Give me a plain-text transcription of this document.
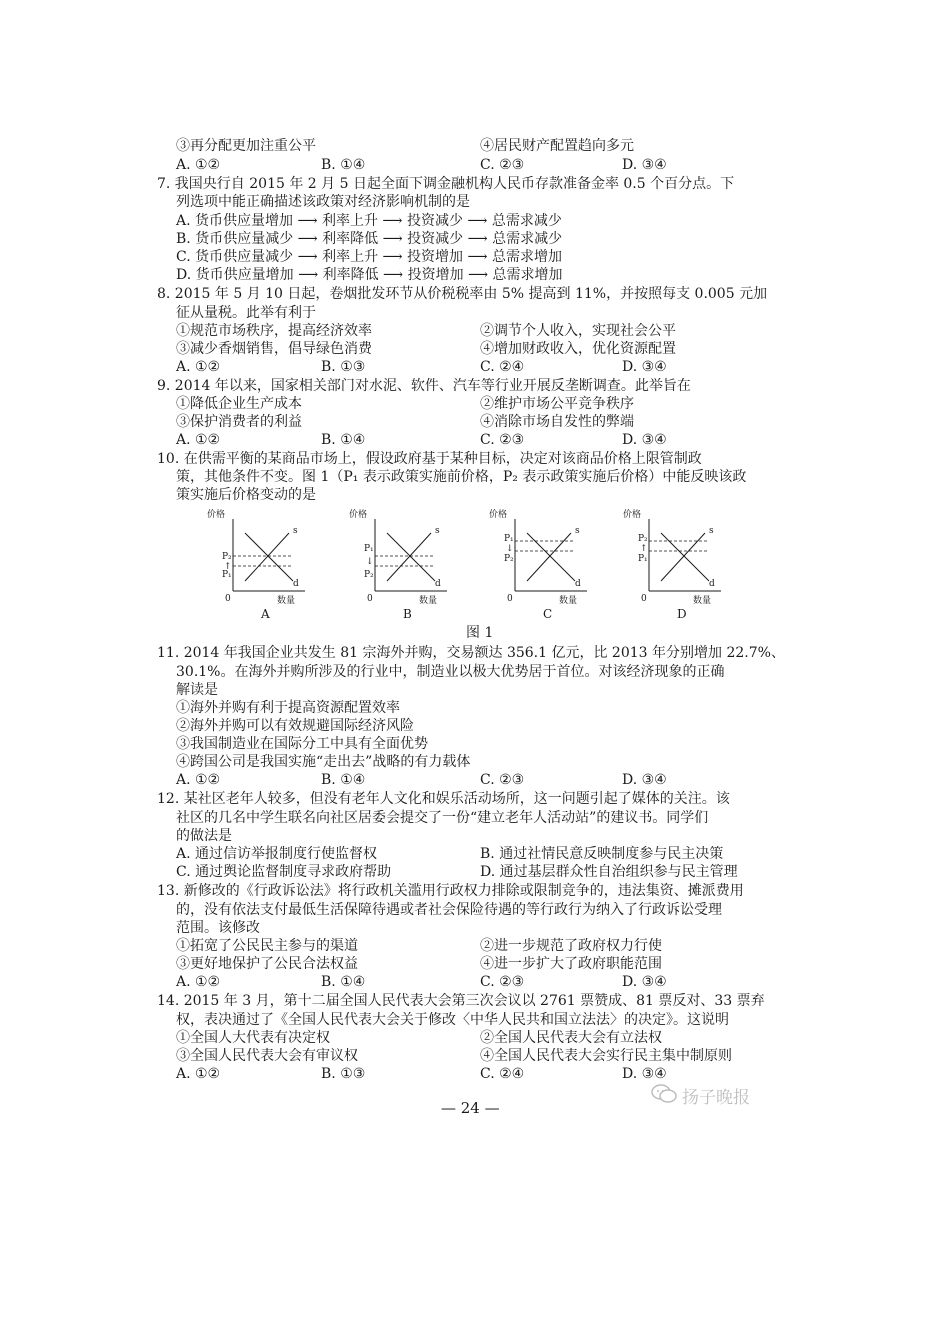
③再分配更加注重公平	④居民财产配置趋向多元
A. ①②	B. ①④	C. ②③	D. ③④
7. 我国央行自 2015 年 2 月 5 日起全面下调金融机构人民币存款准备金率 0.5 个百分点。下
列选项中能正确描述该政策对经济影响机制的是
A. 货币供应量增加 ⟶ 利率上升 ⟶ 投资减少 ⟶ 总需求减少
B. 货币供应量减少 ⟶ 利率降低 ⟶ 投资减少 ⟶ 总需求减少
C. 货币供应量减少 ⟶ 利率上升 ⟶ 投资增加 ⟶ 总需求增加
D. 货币供应量增加 ⟶ 利率降低 ⟶ 投资增加 ⟶ 总需求增加
8. 2015 年 5 月 10 日起，卷烟批发环节从价税税率由 5% 提高到 11%，并按照每支 0.005 元加
征从量税。此举有利于
①规范市场秩序，提高经济效率	②调节个人收入，实现社会公平
③减少香烟销售，倡导绿色消费	④增加财政收入，优化资源配置
A. ①②	B. ①③	C. ②④	D. ③④
9. 2014 年以来，国家相关部门对水泥、软件、汽车等行业开展反垄断调查。此举旨在
①降低企业生产成本	②维护市场公平竞争秩序
③保护消费者的利益	④消除市场自发性的弊端
A. ①②	B. ①④	C. ②③	D. ③④
10. 在供需平衡的某商品市场上，假设政府基于某种目标，决定对该商品价格上限管制政
策，其他条件不变。图 1（P₁ 表示政策实施前价格，P₂ 表示政策实施后价格）中能反映该政
策实施后价格变动的是
价格
P₂
P₁
↑
s
d
0	数量
A
价格
P₁
P₂
↓
s
d
0	数量
B
价格
P₁
P₂
↓
s
d
0	数量
C
价格
P₂
P₁
↑
s
d
0	数量
D
图 1
11. 2014 年我国企业共发生 81 宗海外并购，交易额达 356.1 亿元，比 2013 年分别增加 22.7%、
30.1%。在海外并购所涉及的行业中，制造业以极大优势居于首位。对该经济现象的正确
解读是
①海外并购有利于提高资源配置效率
②海外并购可以有效规避国际经济风险
③我国制造业在国际分工中具有全面优势
④跨国公司是我国实施“走出去”战略的有力载体
A. ①②	B. ①④	C. ②③	D. ③④
12. 某社区老年人较多，但没有老年人文化和娱乐活动场所，这一问题引起了媒体的关注。该
社区的几名中学生联名向社区居委会提交了一份“建立老年人活动站”的建议书。同学们
的做法是
A. 通过信访举报制度行使监督权	B. 通过社情民意反映制度参与民主决策
C. 通过舆论监督制度寻求政府帮助	D. 通过基层群众性自治组织参与民主管理
13. 新修改的《行政诉讼法》将行政机关滥用行政权力排除或限制竞争的，违法集资、摊派费用
的，没有依法支付最低生活保障待遇或者社会保险待遇的等行政行为纳入了行政诉讼受理
范围。该修改
①拓宽了公民民主参与的渠道	②进一步规范了政府权力行使
③更好地保护了公民合法权益	④进一步扩大了政府职能范围
A. ①②	B. ①④	C. ②③	D. ③④
14. 2015 年 3 月，第十二届全国人民代表大会第三次会议以 2761 票赞成、81 票反对、33 票弃
权，表决通过了《全国人民代表大会关于修改〈中华人民共和国立法法〉的决定》。这说明
①全国人大代表有决定权	②全国人民代表大会有立法权
③全国人民代表大会有审议权	④全国人民代表大会实行民主集中制原则
A. ①②	B. ①③	C. ②④	D. ③④
扬子晚报
— 24 —
